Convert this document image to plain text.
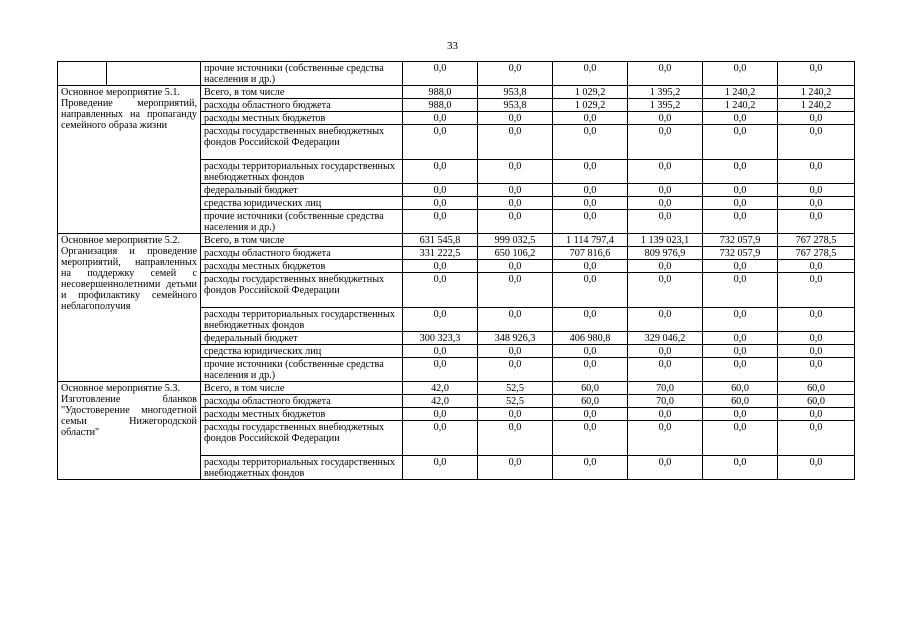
33
		прочие источники (собственные средства населения и др.)	0,0	0,0	0,0	0,0	0,0	0,0

Основное мероприятие 5.1.
Проведение мероприятий, направленных на пропаганду семейного образа жизни		Всего, в том числе	988,0	953,8	1 029,2	1 395,2	1 240,2	1 240,2
		расходы областного бюджета	988,0	953,8	1 029,2	1 395,2	1 240,2	1 240,2
		расходы местных бюджетов	0,0	0,0	0,0	0,0	0,0	0,0
		расходы государственных внебюджетных фондов Российской Федерации	0,0	0,0	0,0	0,0	0,0	0,0
		расходы территориальных государственных внебюджетных фондов	0,0	0,0	0,0	0,0	0,0	0,0
		федеральный бюджет	0,0	0,0	0,0	0,0	0,0	0,0
		средства юридических лиц	0,0	0,0	0,0	0,0	0,0	0,0
		прочие источники (собственные средства населения и др.)	0,0	0,0	0,0	0,0	0,0	0,0

Основное мероприятие 5.2.
Организация и проведение мероприятий, направленных на поддержку семей с несовершеннолетними детьми и профилактику семейного неблагополучия		Всего, в том числе	631 545,8	999 032,5	1 114 797,4	1 139 023,1	732 057,9	767 278,5
		расходы областного бюджета	331 222,5	650 106,2	707 816,6	809 976,9	732 057,9	767 278,5
		расходы местных бюджетов	0,0	0,0	0,0	0,0	0,0	0,0
		расходы государственных внебюджетных фондов Российской Федерации	0,0	0,0	0,0	0,0	0,0	0,0
		расходы территориальных государственных внебюджетных фондов	0,0	0,0	0,0	0,0	0,0	0,0
		федеральный бюджет	300 323,3	348 926,3	406 980,8	329 046,2	0,0	0,0
		средства юридических лиц	0,0	0,0	0,0	0,0	0,0	0,0
		прочие источники (собственные средства населения и др.)	0,0	0,0	0,0	0,0	0,0	0,0

Основное мероприятие 5.3.
Изготовление бланков "Удостоверение многодетной семьи Нижегородской области"		Всего, в том числе	42,0	52,5	60,0	70,0	60,0	60,0
		расходы областного бюджета	42,0	52,5	60,0	70,0	60,0	60,0
		расходы местных бюджетов	0,0	0,0	0,0	0,0	0,0	0,0
		расходы государственных внебюджетных фондов Российской Федерации	0,0	0,0	0,0	0,0	0,0	0,0
		расходы территориальных государственных внебюджетных фондов	0,0	0,0	0,0	0,0	0,0	0,0
